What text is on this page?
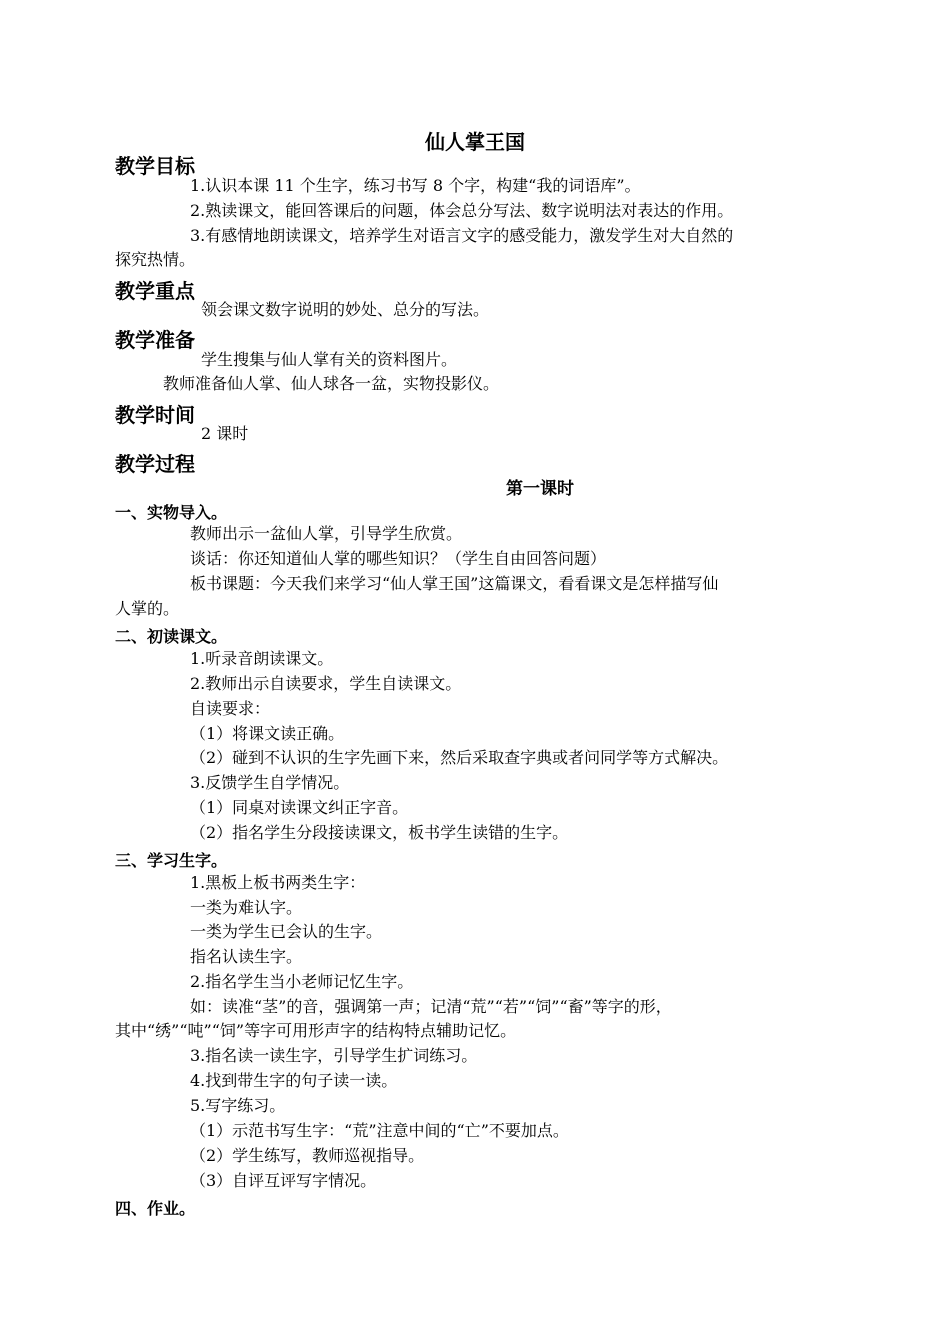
仙人掌王国
教学目标
1.认识本课 11 个生字，练习书写 8 个字，构建“我的词语库”。
2.熟读课文，能回答课后的问题，体会总分写法、数字说明法对表达的作用。
3.有感情地朗读课文，培养学生对语言文字的感受能力，激发学生对大自然的
探究热情。
教学重点
领会课文数字说明的妙处、总分的写法。
教学准备
学生搜集与仙人掌有关的资料图片。
教师准备仙人掌、仙人球各一盆，实物投影仪。
教学时间
2 课时
教学过程
第一课时
一、实物导入。
教师出示一盆仙人掌，引导学生欣赏。
谈话：你还知道仙人掌的哪些知识？（学生自由回答问题）
板书课题：今天我们来学习“仙人掌王国”这篇课文，看看课文是怎样描写仙
人掌的。
二、初读课文。
1.听录音朗读课文。
2.教师出示自读要求，学生自读课文。
自读要求：
（1）将课文读正确。
（2）碰到不认识的生字先画下来，然后采取查字典或者问同学等方式解决。
3.反馈学生自学情况。
（1）同桌对读课文纠正字音。
（2）指名学生分段接读课文，板书学生读错的生字。
三、学习生字。
1.黑板上板书两类生字：
一类为难认字。
一类为学生已会认的生字。
指名认读生字。
2.指名学生当小老师记忆生字。
如：读准“茎”的音，强调第一声；记清“荒”“若”“饲”“畜”等字的形，
其中“绣”“吨”“饲”等字可用形声字的结构特点辅助记忆。
3.指名读一读生字，引导学生扩词练习。
4.找到带生字的句子读一读。
5.写字练习。
（1）示范书写生字：“荒”注意中间的“亡”不要加点。
（2）学生练写，教师巡视指导。
（3）自评互评写字情况。
四、作业。
